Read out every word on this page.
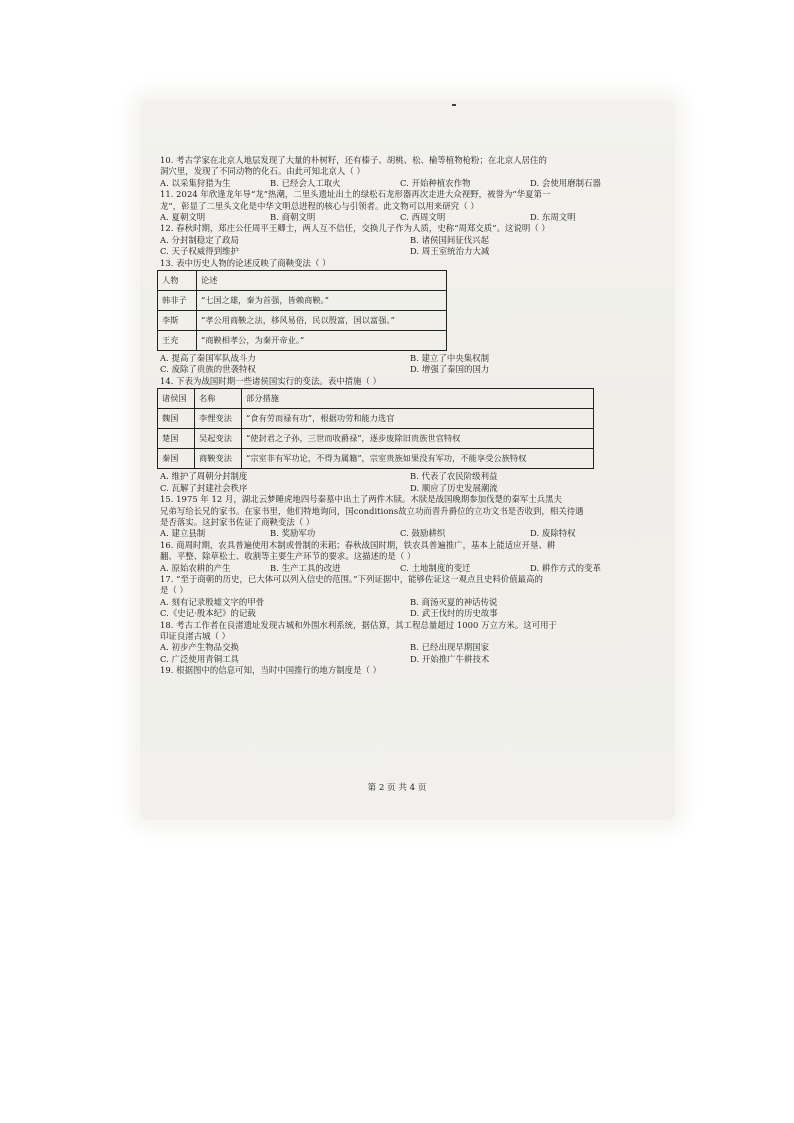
10. 考古学家在北京人地层发现了大量的朴树籽，还有榛子、胡桃、松、榆等植物枪粉；在北京人居住的

洞穴里，发现了不同动物的化石。由此可知北京人（ ）

A. 以采集狩猎为生	B. 已经会人工取火	C. 开始种植农作物	D. 会使用磨制石器

11. 2024 年欣逢龙年导“龙”热潮，二里头遗址出土的绿松石龙形器再次走进大众视野，被誉为“华夏第一

龙”，彰显了二里头文化是中华文明总进程的核心与引领者。此文物可以用来研究（ ）

A. 夏朝文明	B. 商朝文明	C. 西周文明	D. 东周文明

12. 春秋时期，郑庄公任周平王卿士，两人互不信任，交换儿子作为人质，史称“周郑交质”。这说明（ ）

A. 分封制稳定了政局	B. 诸侯国间征伐兴起
C. 天子权威得到维护	D. 周王室统治力大减

13. 表中历史人物的论述反映了商鞅变法（ ）

人物	论述
韩非子	“七国之雄，秦为首强，皆赖商鞅。”
李斯	“孝公用商鞅之法，移风易俗，民以殷富，国以富强。”
王充	“商鞅相孝公，为秦开帝业。”
A. 提高了秦国军队战斗力	B. 建立了中央集权制
C. 废除了贵族的世袭特权	D. 增强了秦国的国力

14. 下表为战国时期一些诸侯国实行的变法。表中措施（ ）

诸侯国	名称	部分措施
魏国	李悝变法	“食有劳而禄有功”，根据功劳和能力选官
楚国	吴起变法	“使封君之子孙，三世而收爵禄”，逐步废除旧贵族世官特权
秦国	商鞅变法	“宗室非有军功论，不得为属籍”，宗室贵族如果没有军功，不能享受公族特权
A. 维护了周朝分封制度	B. 代表了农民阶级利益
C. 瓦解了封建社会秩序	D. 顺应了历史发展潮流

15. 1975 年 12 月，湖北云梦睡虎地四号秦墓中出土了两件木牍。木牍是战国晚期参加伐楚的秦军士兵黑夫

兄弟写给长兄的家书。在家书里，他们特地询问，国conditions故立功而晋升爵位的立功文书是否收到，相关待遇

是否落实。这封家书佐证了商鞅变法（ ）

A. 建立县制	B. 奖励军功	C. 鼓励耕织	D. 废除特权

16. 商周时期，农具普遍使用木制或骨制的耒耜；春秋战国时期，铁农具普遍推广，基本上能适应开垦、耕

翻、平整、除草松土、收割等主要生产环节的要求。这描述的是（ ）

A. 原始农耕的产生	B. 生产工具的改进	C. 土地制度的变迁	D. 耕作方式的变革

17. “至于商朝的历史，已大体可以列入信史的范围。”下列证据中，能够佐证这一观点且史料价值最高的

是（ ）

A. 刻有记录殷墟文字的甲骨	B. 商汤灭夏的神话传说
C.《史记·殷本纪》的记载	D. 武王伐纣的历史故事

18. 考古工作者在良渚遗址发现古城和外围水利系统，据估算，其工程总量超过 1000 万立方米。这可用于

印证良渚古城（ ）

A. 初步产生物品交换	B. 已经出现早期国家
C. 广泛使用青铜工具	D. 开始推广牛耕技术

19. 根据图中的信息可知，当时中国推行的地方制度是（ ）

第 2 页 共 4 页
